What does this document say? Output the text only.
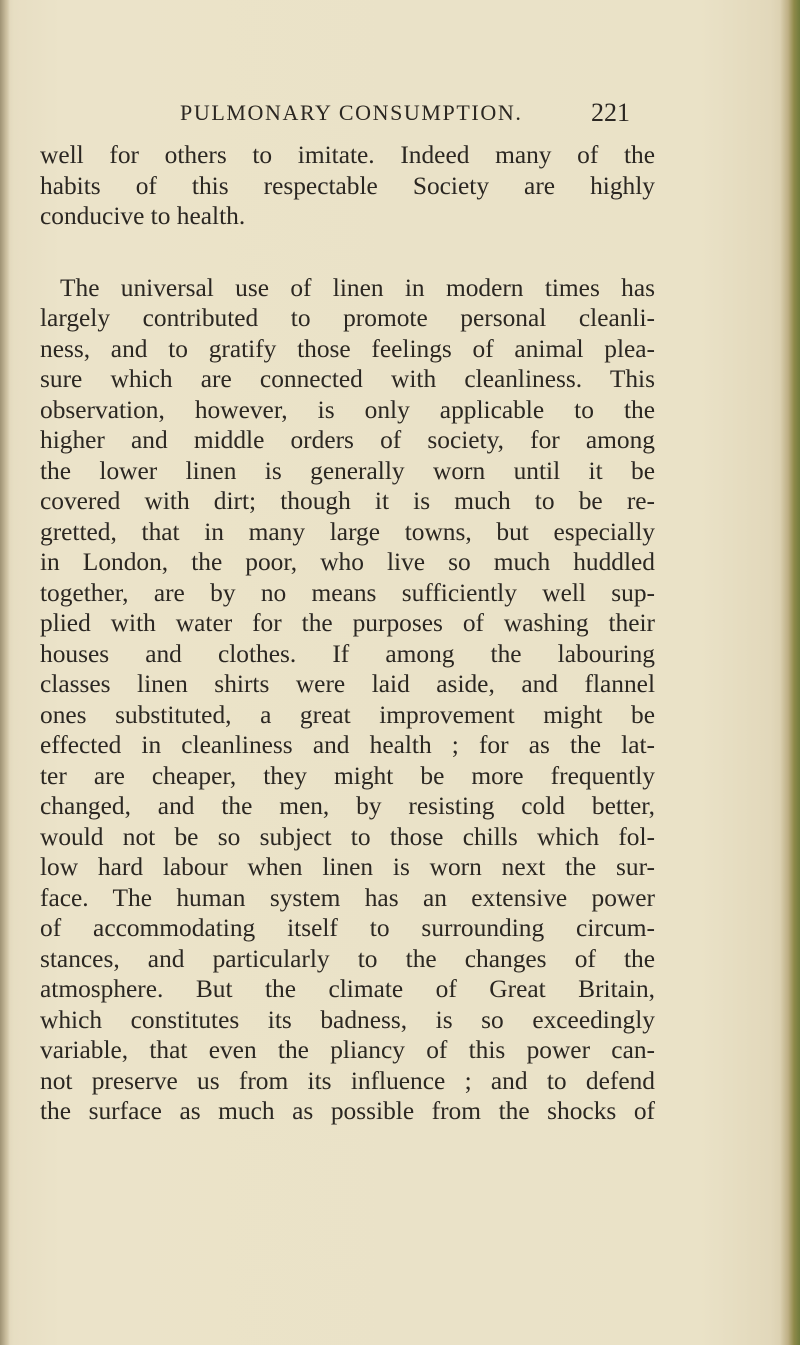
PULMONARY CONSUMPTION.	221
well for others to imitate. Indeed many of the
habits of this respectable Society are highly
conducive to health.
The universal use of linen in modern times has
largely contributed to promote personal cleanli-
ness, and to gratify those feelings of animal plea-
sure which are connected with cleanliness. This
observation, however, is only applicable to the
higher and middle orders of society, for among
the lower linen is generally worn until it be
covered with dirt; though it is much to be re-
gretted, that in many large towns, but especially
in London, the poor, who live so much huddled
together, are by no means sufficiently well sup-
plied with water for the purposes of washing their
houses and clothes. If among the labouring
classes linen shirts were laid aside, and flannel
ones substituted, a great improvement might be
effected in cleanliness and health ; for as the lat-
ter are cheaper, they might be more frequently
changed, and the men, by resisting cold better,
would not be so subject to those chills which fol-
low hard labour when linen is worn next the sur-
face. The human system has an extensive power
of accommodating itself to surrounding circum-
stances, and particularly to the changes of the
atmosphere. But the climate of Great Britain,
which constitutes its badness, is so exceedingly
variable, that even the pliancy of this power can-
not preserve us from its influence ; and to defend
the surface as much as possible from the shocks of
